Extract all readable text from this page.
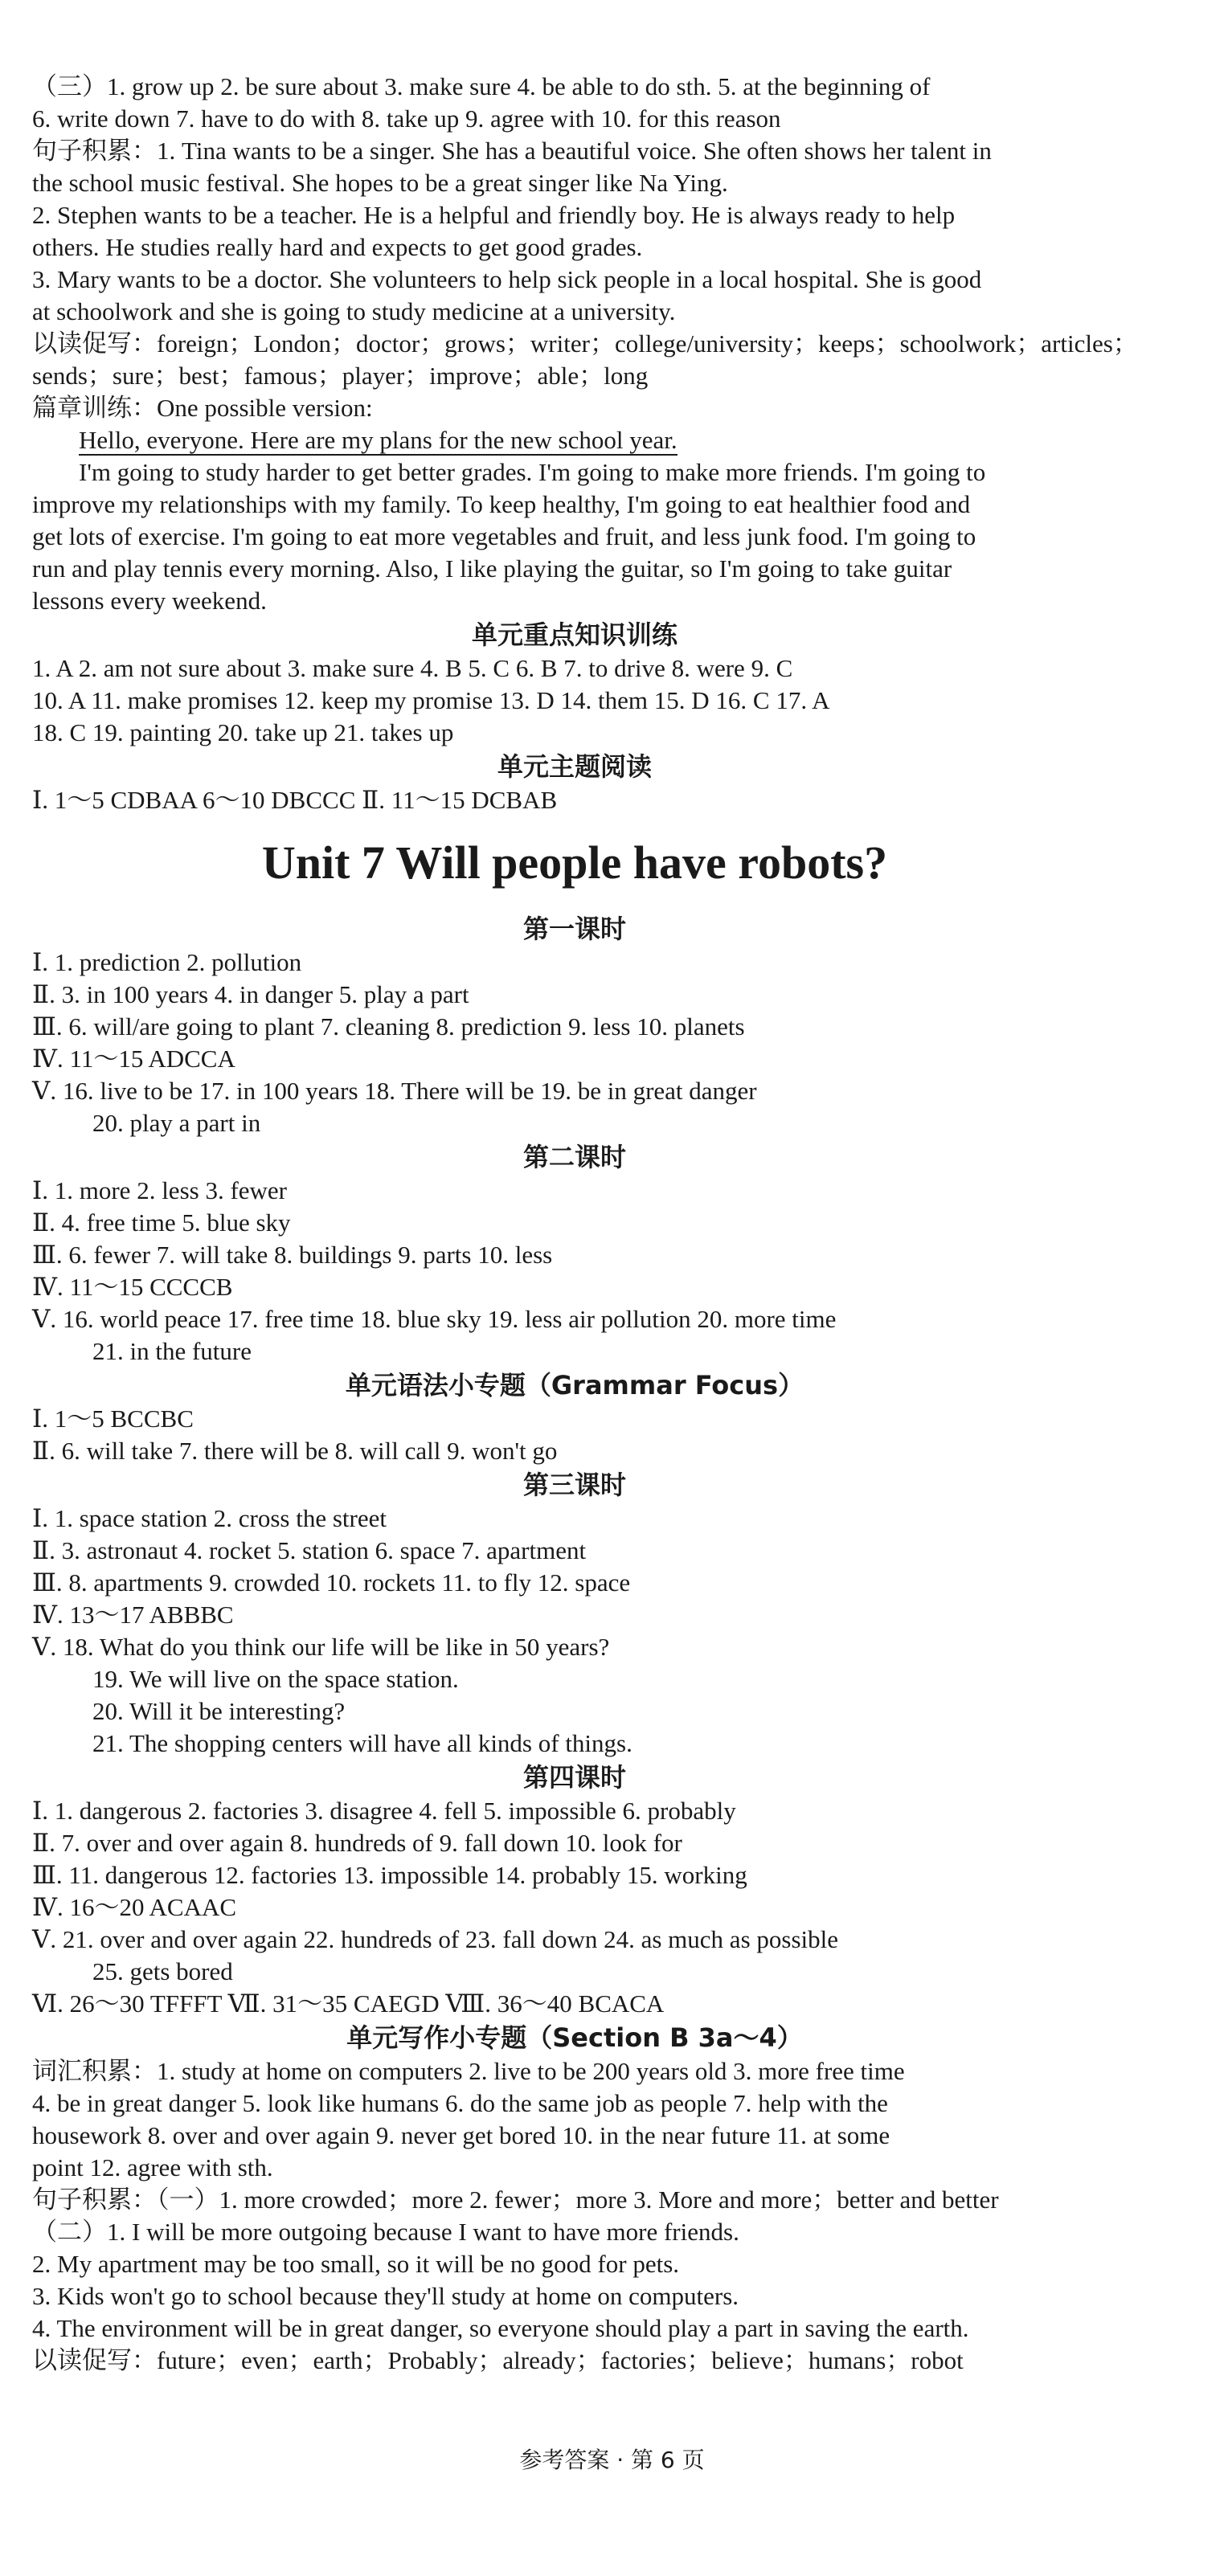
（三）1. grow up 2. be sure about 3. make sure 4. be able to do sth. 5. at the beginning of
6. write down 7. have to do with 8. take up 9. agree with 10. for this reason
句子积累：1. Tina wants to be a singer. She has a beautiful voice. She often shows her talent in
the school music festival. She hopes to be a great singer like Na Ying.
2. Stephen wants to be a teacher. He is a helpful and friendly boy. He is always ready to help
others. He studies really hard and expects to get good grades.
3. Mary wants to be a doctor. She volunteers to help sick people in a local hospital. She is good
at schoolwork and she is going to study medicine at a university.
以读促写：foreign；London；doctor；grows；writer；college/university；keeps；schoolwork；articles；
sends；sure；best；famous；player；improve；able；long
篇章训练：One possible version:
Hello, everyone. Here are my plans for the new school year.
I'm going to study harder to get better grades. I'm going to make more friends. I'm going to
improve my relationships with my family. To keep healthy, I'm going to eat healthier food and
get lots of exercise. I'm going to eat more vegetables and fruit, and less junk food. I'm going to
run and play tennis every morning. Also, I like playing the guitar, so I'm going to take guitar
lessons every weekend.
单元重点知识训练
1. A 2. am not sure about 3. make sure 4. B 5. C 6. B 7. to drive 8. were 9. C
10. A 11. make promises 12. keep my promise 13. D 14. them 15. D 16. C 17. A
18. C 19. painting 20. take up 21. takes up
单元主题阅读
Ⅰ. 1～5 CDBAA 6～10 DBCCC Ⅱ. 11～15 DCBAB
Unit 7 Will people have robots?
第一课时
Ⅰ. 1. prediction 2. pollution
Ⅱ. 3. in 100 years 4. in danger 5. play a part
Ⅲ. 6. will/are going to plant 7. cleaning 8. prediction 9. less 10. planets
Ⅳ. 11～15 ADCCA
Ⅴ. 16. live to be 17. in 100 years 18. There will be 19. be in great danger
20. play a part in
第二课时
Ⅰ. 1. more 2. less 3. fewer
Ⅱ. 4. free time 5. blue sky
Ⅲ. 6. fewer 7. will take 8. buildings 9. parts 10. less
Ⅳ. 11～15 CCCCB
Ⅴ. 16. world peace 17. free time 18. blue sky 19. less air pollution 20. more time
21. in the future
单元语法小专题（Grammar Focus）
Ⅰ. 1～5 BCCBC
Ⅱ. 6. will take 7. there will be 8. will call 9. won't go
第三课时
Ⅰ. 1. space station 2. cross the street
Ⅱ. 3. astronaut 4. rocket 5. station 6. space 7. apartment
Ⅲ. 8. apartments 9. crowded 10. rockets 11. to fly 12. space
Ⅳ. 13～17 ABBBC
Ⅴ. 18. What do you think our life will be like in 50 years?
19. We will live on the space station.
20. Will it be interesting?
21. The shopping centers will have all kinds of things.
第四课时
Ⅰ. 1. dangerous 2. factories 3. disagree 4. fell 5. impossible 6. probably
Ⅱ. 7. over and over again 8. hundreds of 9. fall down 10. look for
Ⅲ. 11. dangerous 12. factories 13. impossible 14. probably 15. working
Ⅳ. 16～20 ACAAC
Ⅴ. 21. over and over again 22. hundreds of 23. fall down 24. as much as possible
25. gets bored
Ⅵ. 26～30 TFFFT Ⅶ. 31～35 CAEGD Ⅷ. 36～40 BCACA
单元写作小专题（Section B 3a～4）
词汇积累：1. study at home on computers 2. live to be 200 years old 3. more free time
4. be in great danger 5. look like humans 6. do the same job as people 7. help with the
housework 8. over and over again 9. never get bored 10. in the near future 11. at some
point 12. agree with sth.
句子积累：（一）1. more crowded；more 2. fewer；more 3. More and more；better and better
（二）1. I will be more outgoing because I want to have more friends.
2. My apartment may be too small, so it will be no good for pets.
3. Kids won't go to school because they'll study at home on computers.
4. The environment will be in great danger, so everyone should play a part in saving the earth.
以读促写：future；even；earth；Probably；already；factories；believe；humans；robot
参考答案 · 第 6 页
